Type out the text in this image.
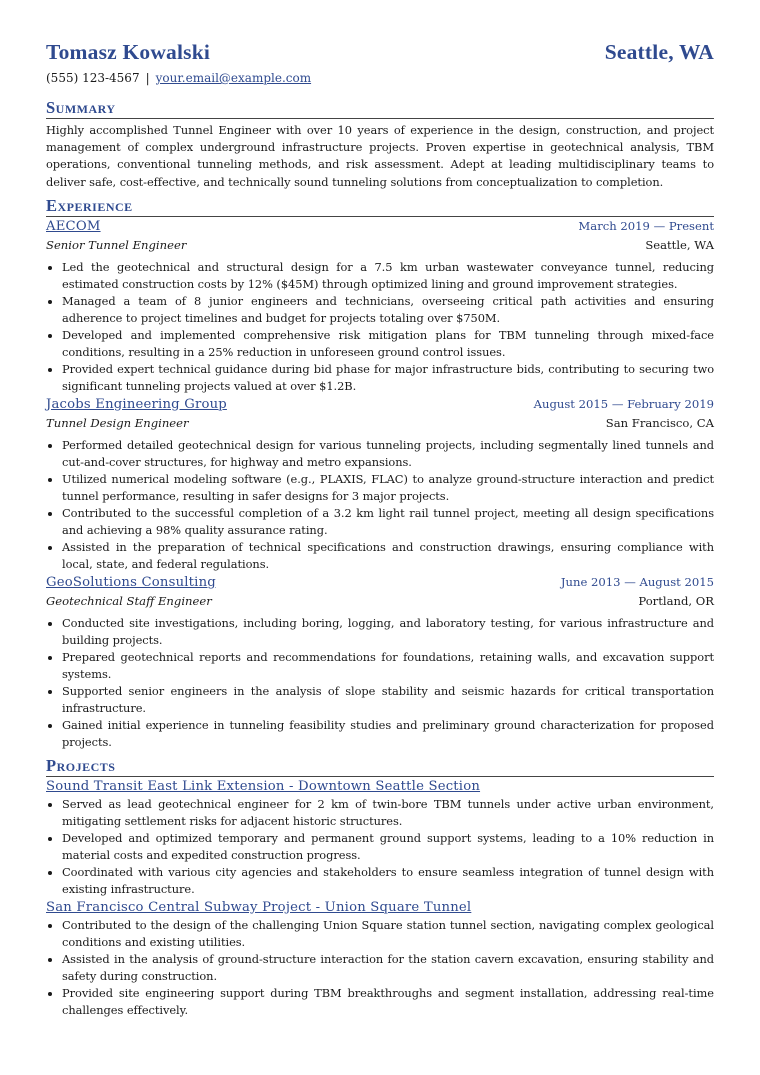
Tomasz Kowalski	Seattle, WA
(555) 123-4567 | your.email@example.com
Summary

Highly accomplished Tunnel Engineer with over 10 years of experience in the design, construction, and project management of complex underground infrastructure projects. Proven expertise in geotechnical analysis, TBM operations, conventional tunneling methods, and risk assessment. Adept at leading multidisciplinary teams to deliver safe, cost-effective, and technically sound tunneling solutions from conceptualization to completion.

Experience
AECOM	March 2019 — Present
Senior Tunnel Engineer	Seattle, WA
• Led the geotechnical and structural design for a 7.5 km urban wastewater conveyance tunnel, reducing estimated construction costs by 12% ($45M) through optimized lining and ground improvement strategies.
• Managed a team of 8 junior engineers and technicians, overseeing critical path activities and ensuring adherence to project timelines and budget for projects totaling over $750M.
• Developed and implemented comprehensive risk mitigation plans for TBM tunneling through mixed-face conditions, resulting in a 25% reduction in unforeseen ground control issues.
• Provided expert technical guidance during bid phase for major infrastructure bids, contributing to securing two significant tunneling projects valued at over $1.2B.
Jacobs Engineering Group	August 2015 — February 2019
Tunnel Design Engineer	San Francisco, CA
• Performed detailed geotechnical design for various tunneling projects, including segmentally lined tunnels and cut-and-cover structures, for highway and metro expansions.
• Utilized numerical modeling software (e.g., PLAXIS, FLAC) to analyze ground-structure interaction and predict tunnel performance, resulting in safer designs for 3 major projects.
• Contributed to the successful completion of a 3.2 km light rail tunnel project, meeting all design specifications and achieving a 98% quality assurance rating.
• Assisted in the preparation of technical specifications and construction drawings, ensuring compliance with local, state, and federal regulations.
GeoSolutions Consulting	June 2013 — August 2015
Geotechnical Staff Engineer	Portland, OR
• Conducted site investigations, including boring, logging, and laboratory testing, for various infrastructure and building projects.
• Prepared geotechnical reports and recommendations for foundations, retaining walls, and excavation support systems.
• Supported senior engineers in the analysis of slope stability and seismic hazards for critical transportation infrastructure.
• Gained initial experience in tunneling feasibility studies and preliminary ground characterization for proposed projects.
Projects
Sound Transit East Link Extension - Downtown Seattle Section
• Served as lead geotechnical engineer for 2 km of twin-bore TBM tunnels under active urban environment, mitigating settlement risks for adjacent historic structures.
• Developed and optimized temporary and permanent ground support systems, leading to a 10% reduction in material costs and expedited construction progress.
• Coordinated with various city agencies and stakeholders to ensure seamless integration of tunnel design with existing infrastructure.
San Francisco Central Subway Project - Union Square Tunnel
• Contributed to the design of the challenging Union Square station tunnel section, navigating complex geological conditions and existing utilities.
• Assisted in the analysis of ground-structure interaction for the station cavern excavation, ensuring stability and safety during construction.
• Provided site engineering support during TBM breakthroughs and segment installation, addressing real-time challenges effectively.
